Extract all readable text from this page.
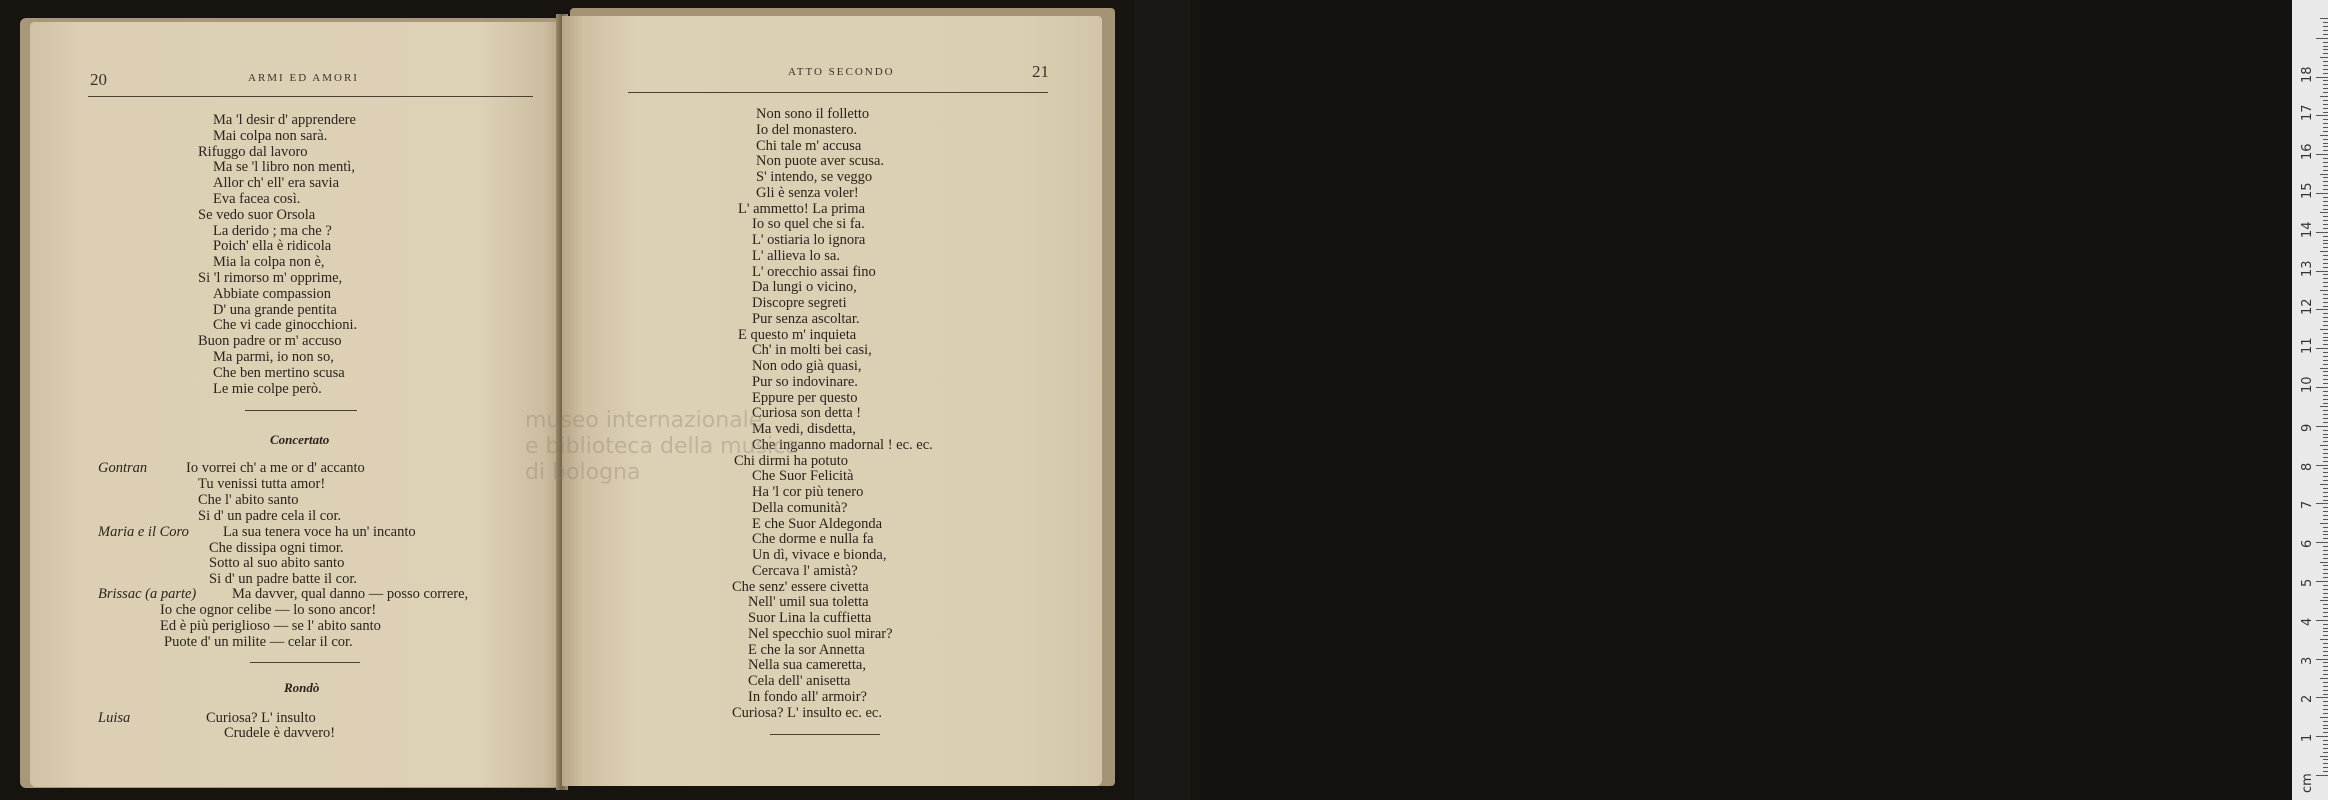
20	ARMI ED AMORI
Ma 'l desir d' apprendere
Mai colpa non sarà.
Rifuggo dal lavoro
Ma se 'l libro non mentì,
Allor ch' ell' era savia
Eva facea così.
Se vedo suor Orsola
La derido ; ma che ?
Poich' ella è ridicola
Mia la colpa non è,
Si 'l rimorso m' opprime,
Abbiate compassion
D' una grande pentita
Che vi cade ginocchioni.
Buon padre or m' accuso
Ma parmi, io non so,
Che ben mertino scusa
Le mie colpe però.
Concertato
Gontran	Io vorrei ch' a me or d' accanto
Tu venissi tutta amor!
Che l' abito santo
Si d' un padre cela il cor.
Maria e il Coro La sua tenera voce ha un' incanto
Che dissipa ogni timor.
Sotto al suo abito santo
Si d' un padre batte il cor.
Brissac (a parte) Ma davver, qual danno — posso correre,
Io che ognor celibe — lo sono ancor!
Ed è più periglioso — se l' abito santo
Puote d' un milite — celar il cor.
Rondò
Luisa	Curiosa? L' insulto
Crudele è davvero!
ATTO SECONDO	21
Non sono il folletto
Io del monastero.
Chi tale m' accusa
Non puote aver scusa.
S' intendo, se veggo
Gli è senza voler!
L' ammetto! La prima
Io so quel che si fa.
L' ostiaria lo ignora
L' allieva lo sa.
L' orecchio assai fino
Da lungi o vicino,
Discopre segreti
Pur senza ascoltar.
E questo m' inquieta
Ch' in molti bei casi,
Non odo già quasi,
Pur so indovinare.
Eppure per questo
Curiosa son detta !
Ma vedi, disdetta,
Che inganno madornal ! ec. ec.
Chi dirmi ha potuto
Che Suor Felicità
Ha 'l cor più tenero
Della comunità?
E che Suor Aldegonda
Che dorme e nulla fa
Un dì, vivace e bionda,
Cercava l' amistà?
Che senz' essere civetta
Nell' umil sua toletta
Suor Lina la cuffietta
Nel specchio suol mirar?
E che la sor Annetta
Nella sua cameretta,
Cela dell' anisetta
In fondo all' armoir?
Curiosa? L' insulto ec. ec.
museo internazionale
e biblioteca della musica
di bologna
1
2
3
4
5
6
7
8
9
10
11
12
13
14
15
16
17
18
cm
